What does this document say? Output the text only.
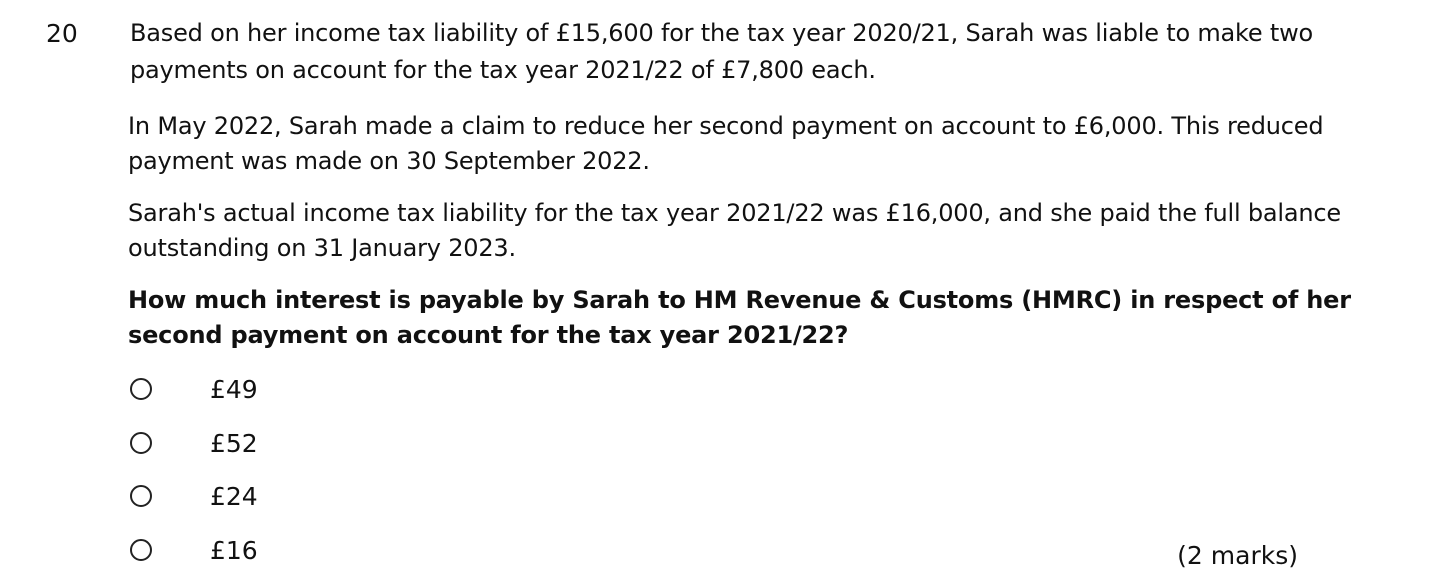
20 Based on her income tax liability of £15,600 for the tax year 2020/21, Sarah was liable to make two payments on account for the tax year 2021/22 of £7,800 each.
In May 2022, Sarah made a claim to reduce her second payment on account to £6,000. This reduced payment was made on 30 September 2022.
Sarah's actual income tax liability for the tax year 2021/22 was £16,000, and she paid the full balance outstanding on 31 January 2023.
How much interest is payable by Sarah to HM Revenue & Customs (HMRC) in respect of her second payment on account for the tax year 2021/22?
£49
£52
£24
£16	(2 marks)
